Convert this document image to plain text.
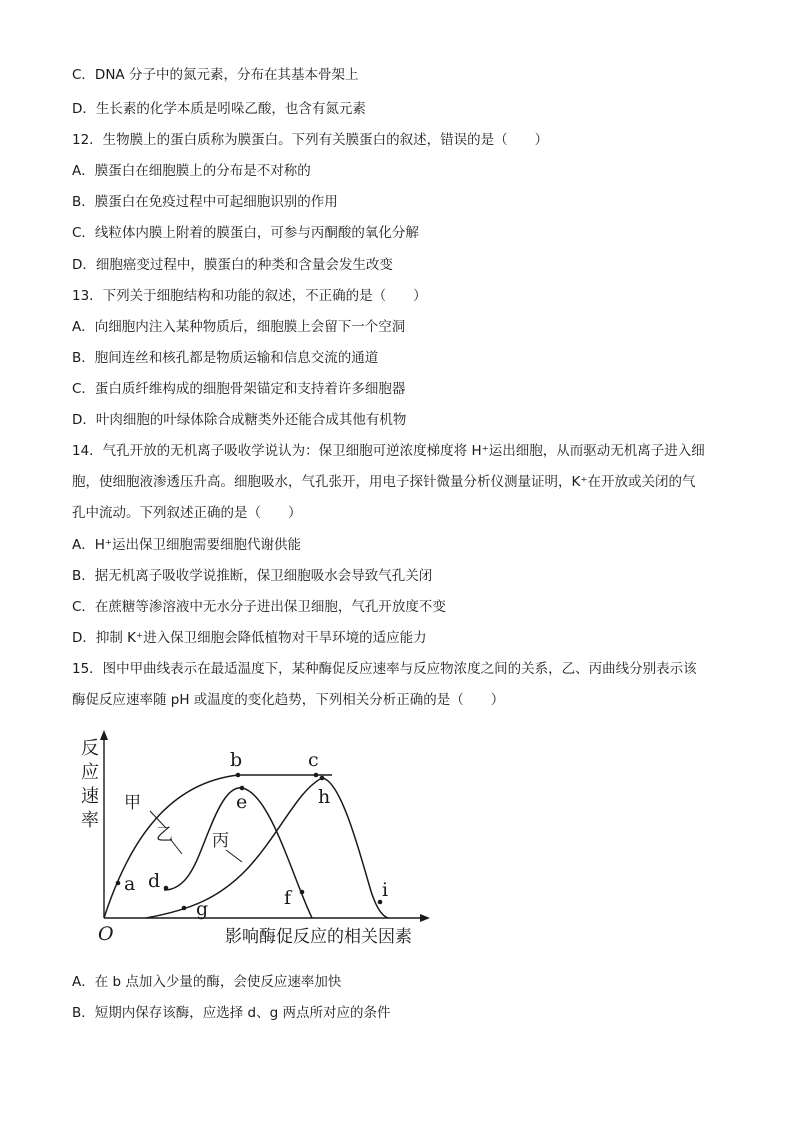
C．DNA 分子中的氮元素，分布在其基本骨架上
D．生长素的化学本质是吲哚乙酸，也含有氮元素
12．生物膜上的蛋白质称为膜蛋白。下列有关膜蛋白的叙述，错误的是（　　）
A．膜蛋白在细胞膜上的分布是不对称的
B．膜蛋白在免疫过程中可起细胞识别的作用
C．线粒体内膜上附着的膜蛋白，可参与丙酮酸的氧化分解
D．细胞癌变过程中，膜蛋白的种类和含量会发生改变
13．下列关于细胞结构和功能的叙述，不正确的是（　　）
A．向细胞内注入某种物质后，细胞膜上会留下一个空洞
B．胞间连丝和核孔都是物质运输和信息交流的通道
C．蛋白质纤维构成的细胞骨架锚定和支持着许多细胞器
D．叶肉细胞的叶绿体除合成糖类外还能合成其他有机物
14．气孔开放的无机离子吸收学说认为：保卫细胞可逆浓度梯度将 H⁺运出细胞，从而驱动无机离子进入细
胞，使细胞液渗透压升高。细胞吸水，气孔张开，用电子探针微量分析仪测量证明，K⁺在开放或关闭的气
孔中流动。下列叙述正确的是（　　）
A．H⁺运出保卫细胞需要细胞代谢供能
B．据无机离子吸收学说推断，保卫细胞吸水会导致气孔关闭
C．在蔗糖等渗溶液中无水分子进出保卫细胞，气孔开放度不变
D．抑制 K⁺进入保卫细胞会降低植物对干旱环境的适应能力
15．图中甲曲线表示在最适温度下，某种酶促反应速率与反应物浓度之间的关系，乙、丙曲线分别表示该
酶促反应速率随 pH 或温度的变化趋势，下列相关分析正确的是（　　）
A．在 b 点加入少量的酶，会使反应速率加快
B．短期内保存该酶，应选择 d、g 两点所对应的条件
反
应
速
率
O	影响酶促反应的相关因素
甲
乙 丙
a
b	c
d
e
f
g
h
i
